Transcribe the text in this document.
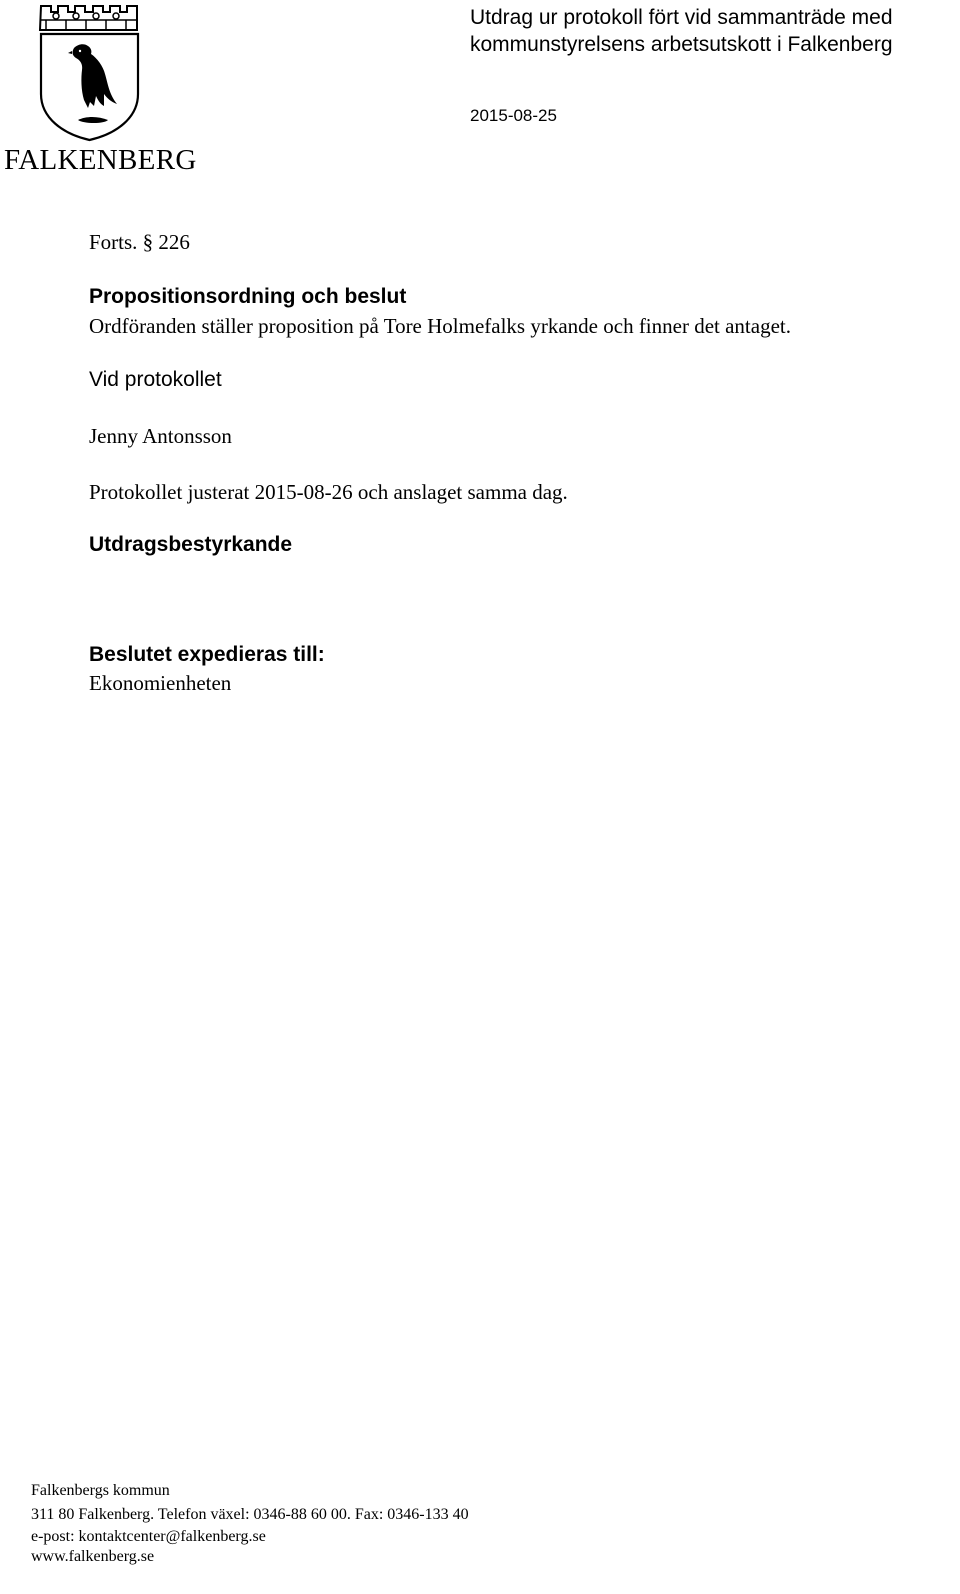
FALKENBERG
Utdrag ur protokoll fört vid sammanträde med
kommunstyrelsens arbetsutskott i Falkenberg
2015-08-25
Forts. § 226
Propositionsordning och beslut
Ordföranden ställer proposition på Tore Holmefalks yrkande och finner det antaget.
Vid protokollet
Jenny Antonsson
Protokollet justerat 2015-08-26 och anslaget samma dag.
Utdragsbestyrkande
Beslutet expedieras till:
Ekonomienheten
Falkenbergs kommun
311 80 Falkenberg. Telefon växel: 0346-88 60 00. Fax: 0346-133 40
e-post: kontaktcenter@falkenberg.se
www.falkenberg.se
